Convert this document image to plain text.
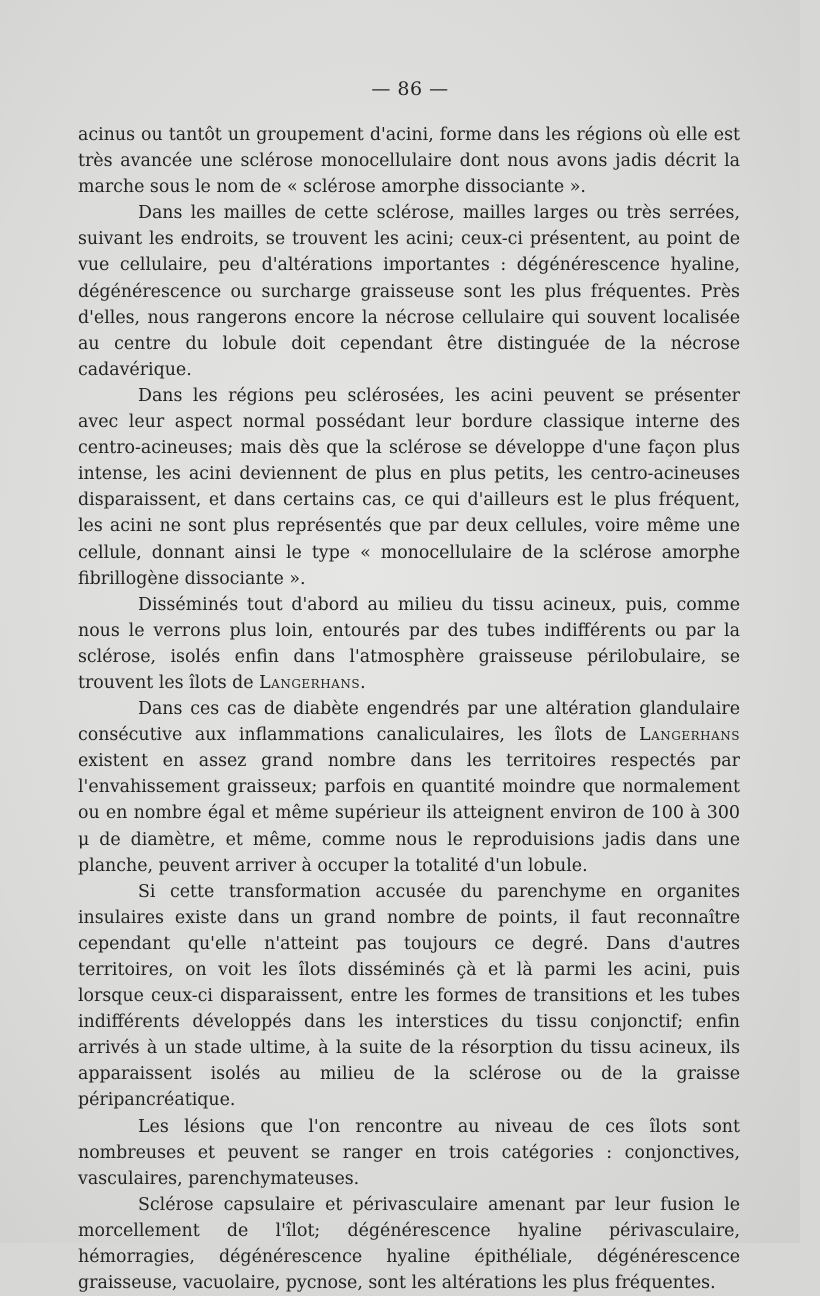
— 86 —

acinus ou tantôt un groupement d'acini, forme dans les régions où elle est très avancée une sclérose monocellulaire dont nous avons jadis décrit la marche sous le nom de « sclérose amorphe dissociante ».

Dans les mailles de cette sclérose, mailles larges ou très serrées, suivant les endroits, se trouvent les acini; ceux-ci présentent, au point de vue cellulaire, peu d'altérations importantes : dégénérescence hyaline, dégénérescence ou surcharge graisseuse sont les plus fréquentes. Près d'elles, nous rangerons encore la nécrose cellulaire qui souvent localisée au centre du lobule doit cependant être distinguée de la nécrose cadavérique.

Dans les régions peu sclérosées, les acini peuvent se présenter avec leur aspect normal possédant leur bordure classique interne des centro-acineuses; mais dès que la sclérose se développe d'une façon plus intense, les acini deviennent de plus en plus petits, les centro-acineuses disparaissent, et dans certains cas, ce qui d'ailleurs est le plus fréquent, les acini ne sont plus représentés que par deux cellules, voire même une cellule, donnant ainsi le type « monocellulaire de la sclérose amorphe fibrillogène dissociante ».

Disséminés tout d'abord au milieu du tissu acineux, puis, comme nous le verrons plus loin, entourés par des tubes indifférents ou par la sclérose, isolés enfin dans l'atmosphère graisseuse périlobulaire, se trouvent les îlots de Langerhans.

Dans ces cas de diabète engendrés par une altération glandulaire consécutive aux inflammations canaliculaires, les îlots de Langerhans existent en assez grand nombre dans les territoires respectés par l'envahissement graisseux; parfois en quantité moindre que normalement ou en nombre égal et même supérieur ils atteignent environ de 100 à 300 μ de diamètre, et même, comme nous le reproduisions jadis dans une planche, peuvent arriver à occuper la totalité d'un lobule.

Si cette transformation accusée du parenchyme en organites insulaires existe dans un grand nombre de points, il faut reconnaître cependant qu'elle n'atteint pas toujours ce degré. Dans d'autres territoires, on voit les îlots disséminés çà et là parmi les acini, puis lorsque ceux-ci disparaissent, entre les formes de transitions et les tubes indifférents développés dans les interstices du tissu conjonctif; enfin arrivés à un stade ultime, à la suite de la résorption du tissu acineux, ils apparaissent isolés au milieu de la sclérose ou de la graisse péripancréatique.

Les lésions que l'on rencontre au niveau de ces îlots sont nombreuses et peuvent se ranger en trois catégories : conjonctives, vasculaires, parenchymateuses.

Sclérose capsulaire et périvasculaire amenant par leur fusion le morcellement de l'îlot; dégénérescence hyaline périvasculaire, hémorragies, dégénérescence hyaline épithéliale, dégénérescence graisseuse, vacuolaire, pycnose, sont les altérations les plus fréquentes.
